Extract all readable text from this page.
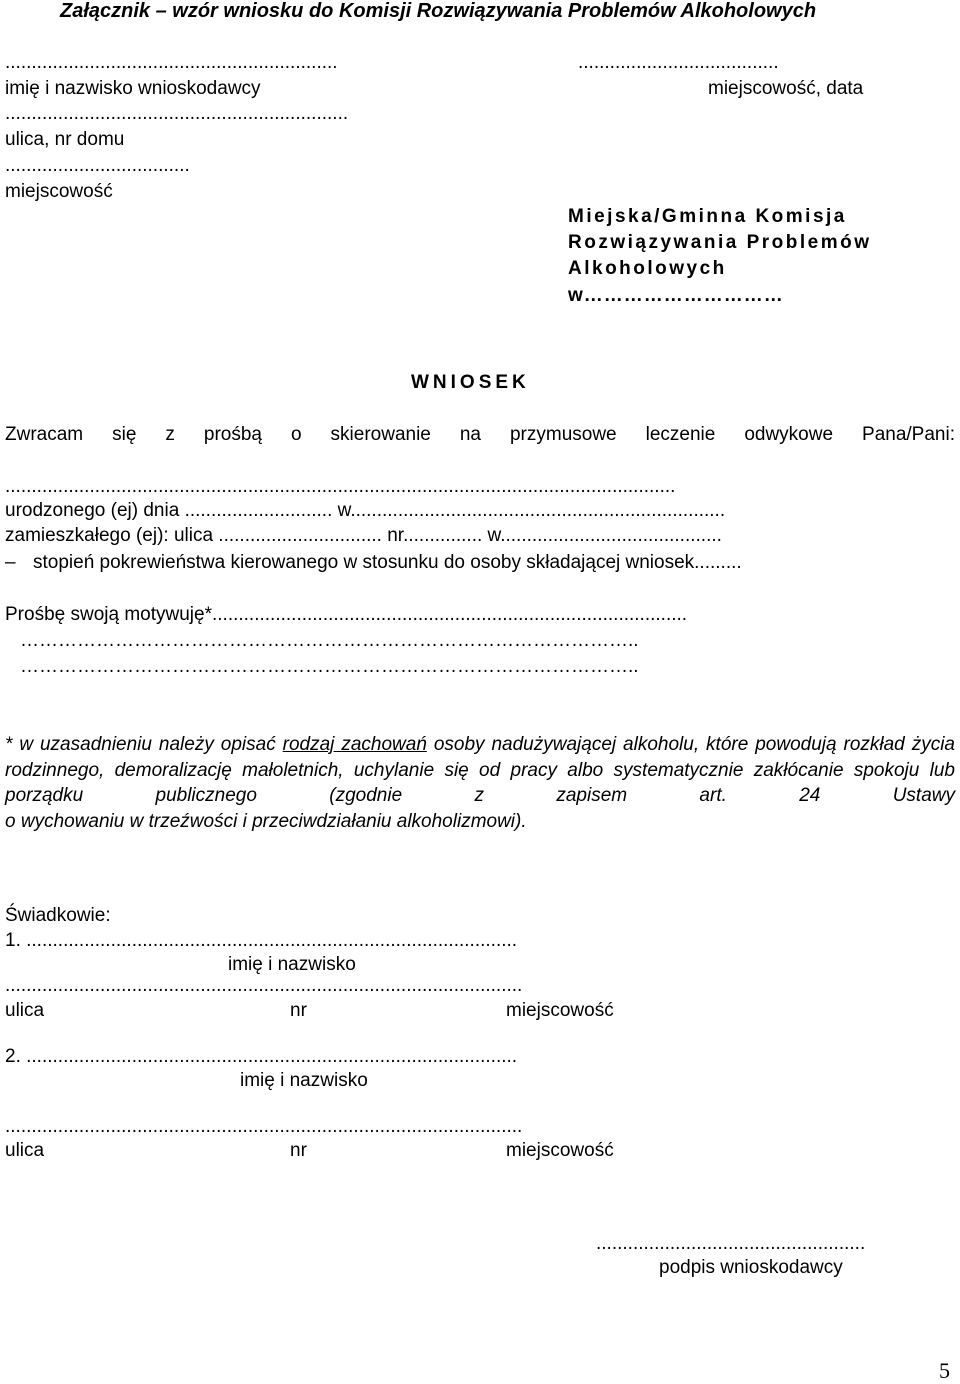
Załącznik – wzór wniosku do Komisji Rozwiązywania Problemów Alkoholowych
...............................................................
imię i nazwisko wnioskodawcy
.................................................................
ulica, nr domu
...................................
miejscowość
......................................
miejscowość, data
Miejska/Gminna Komisja
Rozwiązywania Problemów
Alkoholowych
w…………………………
WNIOSEK
Zwracam się z prośbą o skierowanie na przymusowe leczenie odwykowe Pana/Pani:
...............................................................................................................................
urodzonego (ej) dnia ............................ w.......................................................................
zamieszkałego (ej): ulica ............................... nr............... w..........................................
– stopień pokrewieństwa kierowanego w stosunku do osoby składającej wniosek.........
Prośbę swoją motywuję*..........................................................................................
……………………………………………………………………………………..
……………………………………………………………………………………..
* w uzasadnieniu należy opisać rodzaj zachowań osoby nadużywającej alkoholu, które powodują rozkład życia rodzinnego, demoralizację małoletnich, uchylanie się od pracy albo systematycznie zakłócanie spokoju lub porządku publicznego (zgodnie z zapisem art. 24 Ustawy
o wychowaniu w trzeźwości i przeciwdziałaniu alkoholizmowi).
Świadkowie:
1. .............................................................................................
imię i nazwisko
..................................................................................................
ulica	nr	miejscowość
2. .............................................................................................
imię i nazwisko
..................................................................................................
ulica	nr	miejscowość
...................................................
podpis wnioskodawcy
5
